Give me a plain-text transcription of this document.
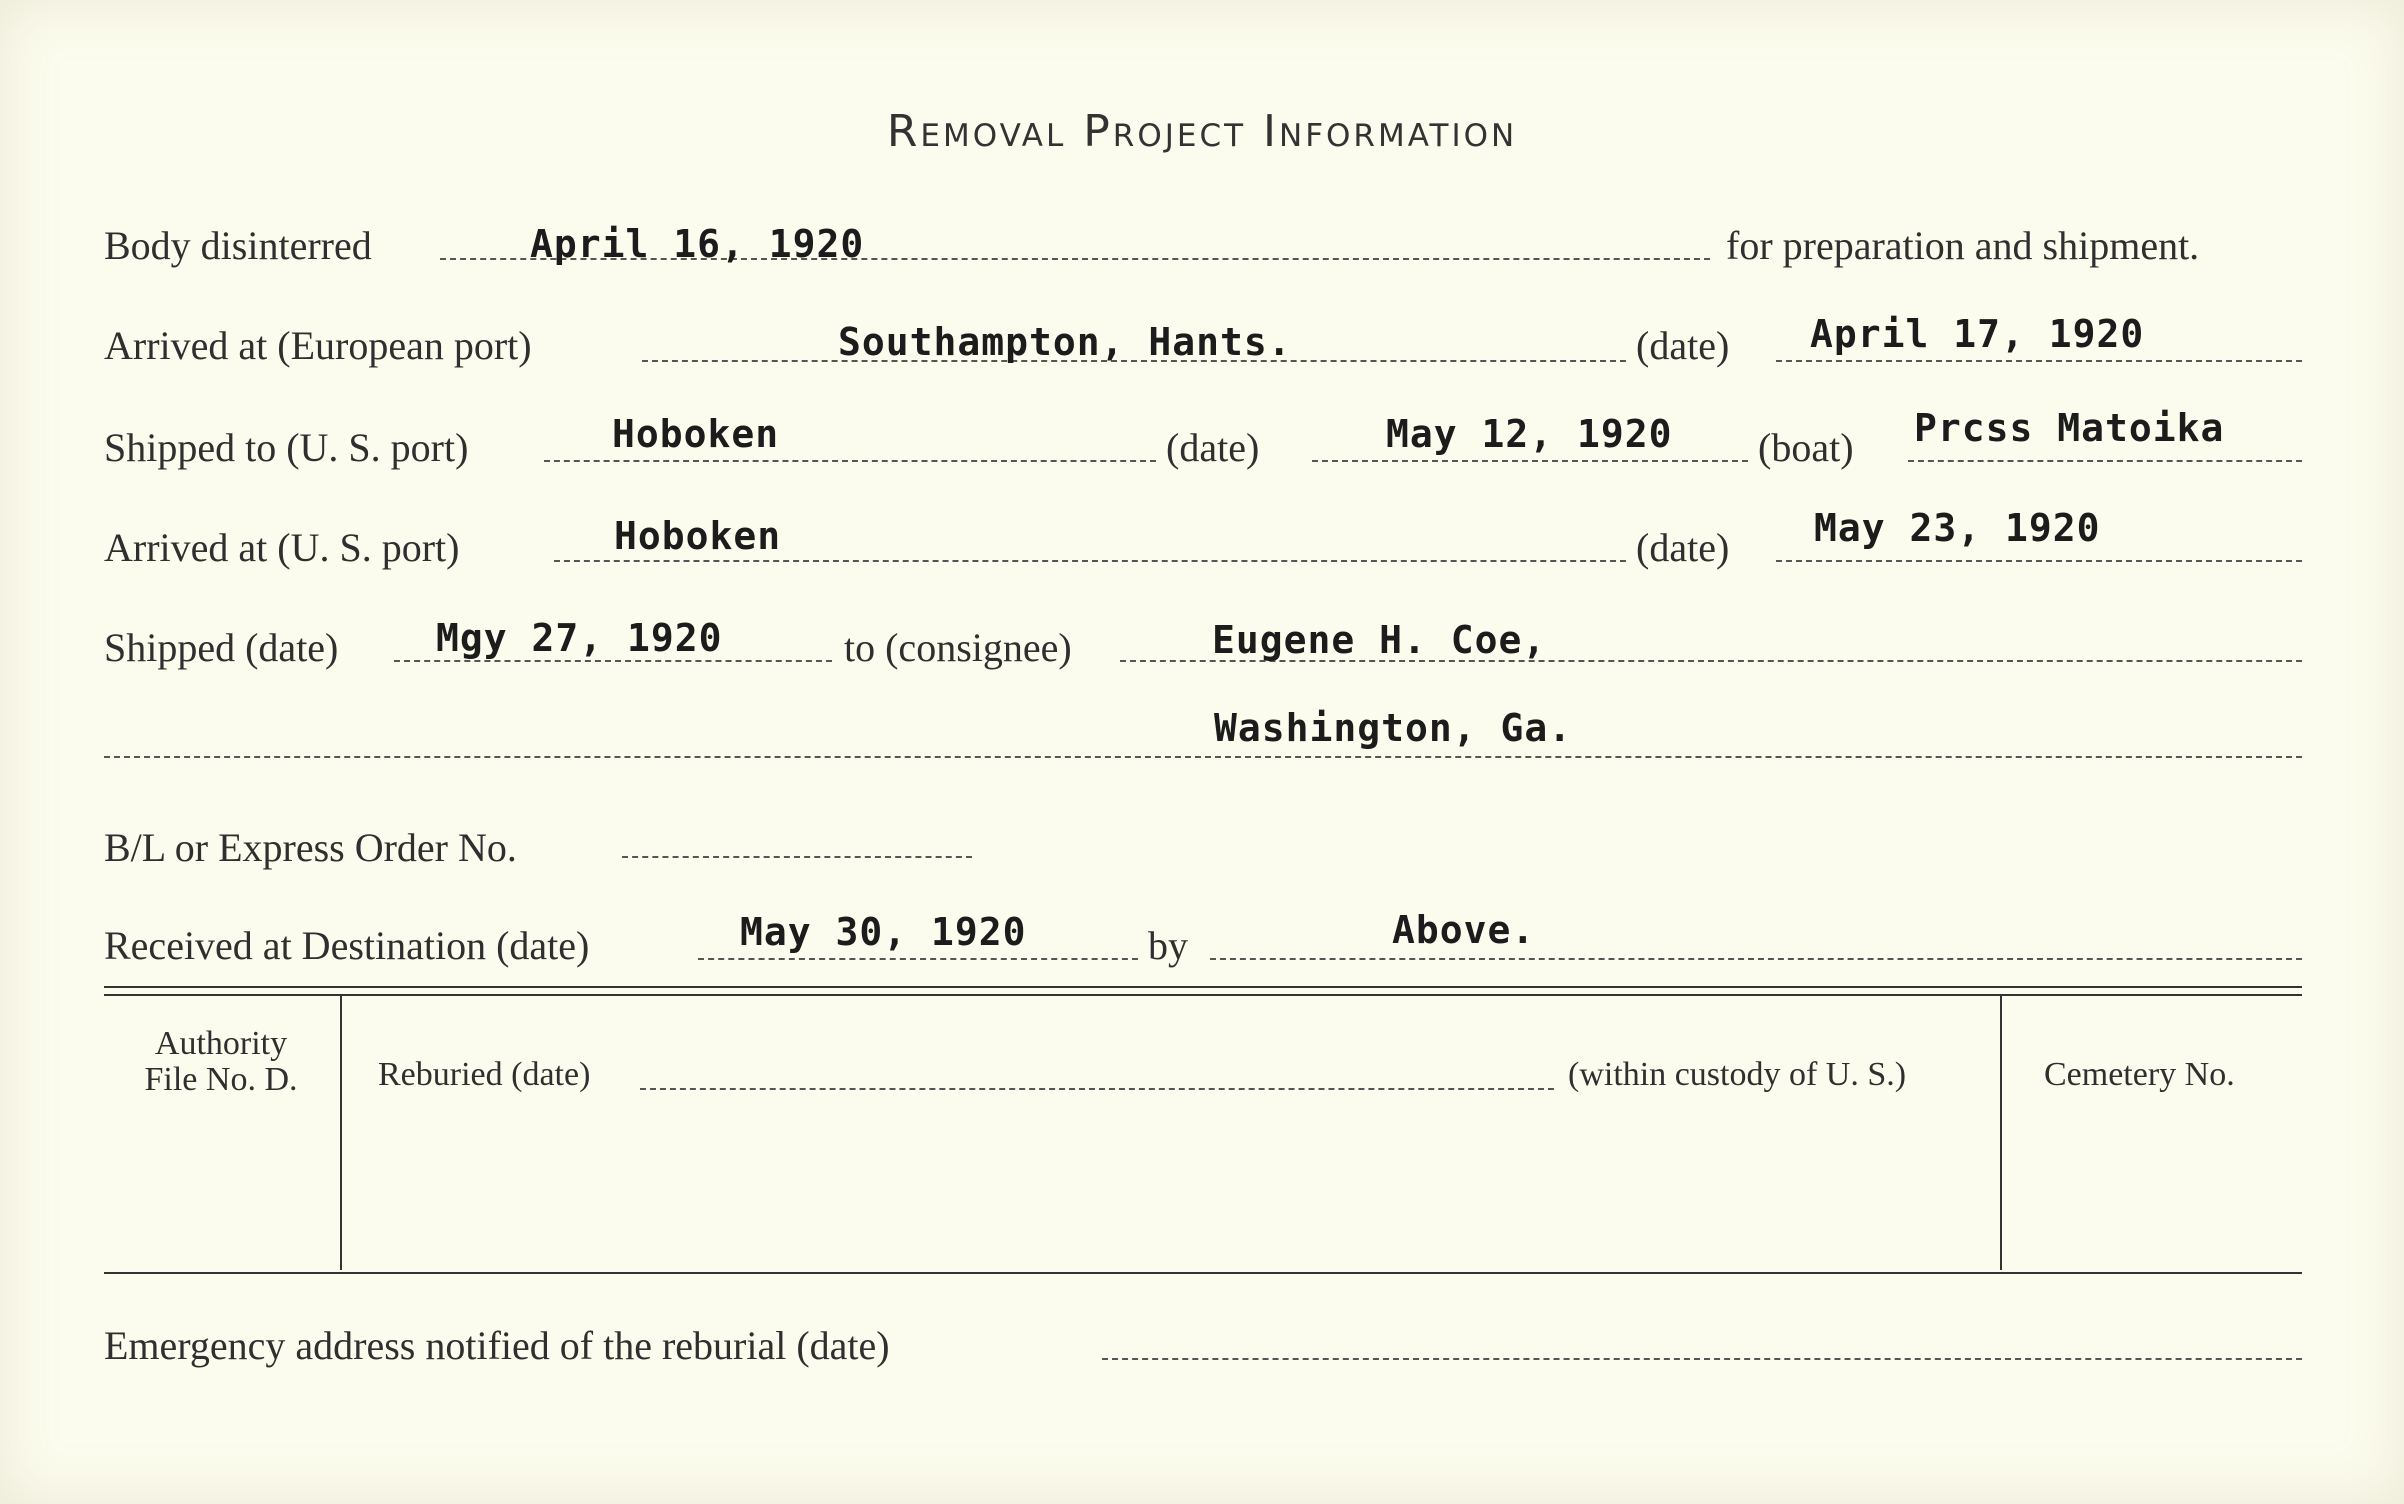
Removal Project Information
Body disinterred	April 16, 1920	for preparation and shipment.
Arrived at (European port)	Southampton, Hants.	(date) April 17, 1920
Shipped to (U. S. port)	Hoboken	(date)	May 12, 1920 (boat) Prcss Matoika
Arrived at (U. S. port)	Hoboken	(date) May 23, 1920
Shipped (date)	Mgy 27, 1920	to (consignee)	Eugene H. Coe,
Washington, Ga.
B/L or Express Order No.
Received at Destination (date)	May 30, 1920	by	Above.
Authority
File No. D.	Reburied (date)	(within custody of U. S.)	Cemetery No.
Emergency address notified of the reburial (date)
